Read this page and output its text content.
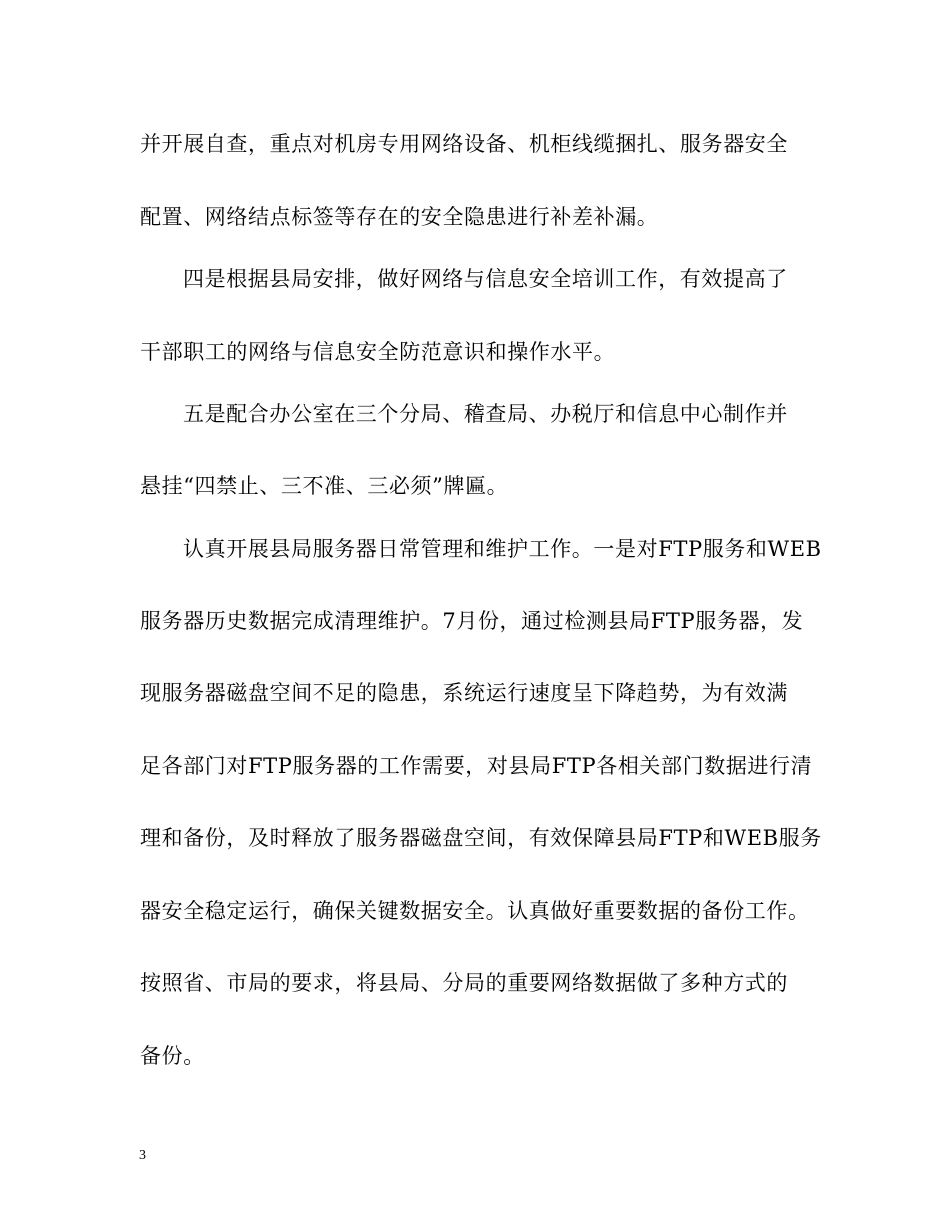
并开展自查，重点对机房专用网络设备、机柜线缆捆扎、服务器安全
配置、网络结点标签等存在的安全隐患进行补差补漏。
四是根据县局安排，做好网络与信息安全培训工作，有效提高了
干部职工的网络与信息安全防范意识和操作水平。
五是配合办公室在三个分局、稽查局、办税厅和信息中心制作并
悬挂“四禁止、三不准、三必须”牌匾。
认真开展县局服务器日常管理和维护工作。一是对FTP服务和WEB
服务器历史数据完成清理维护。7月份，通过检测县局FTP服务器，发
现服务器磁盘空间不足的隐患，系统运行速度呈下降趋势，为有效满
足各部门对FTP服务器的工作需要，对县局FTP各相关部门数据进行清
理和备份，及时释放了服务器磁盘空间，有效保障县局FTP和WEB服务
器安全稳定运行，确保关键数据安全。认真做好重要数据的备份工作。
按照省、市局的要求，将县局、分局的重要网络数据做了多种方式的
备份。
3
